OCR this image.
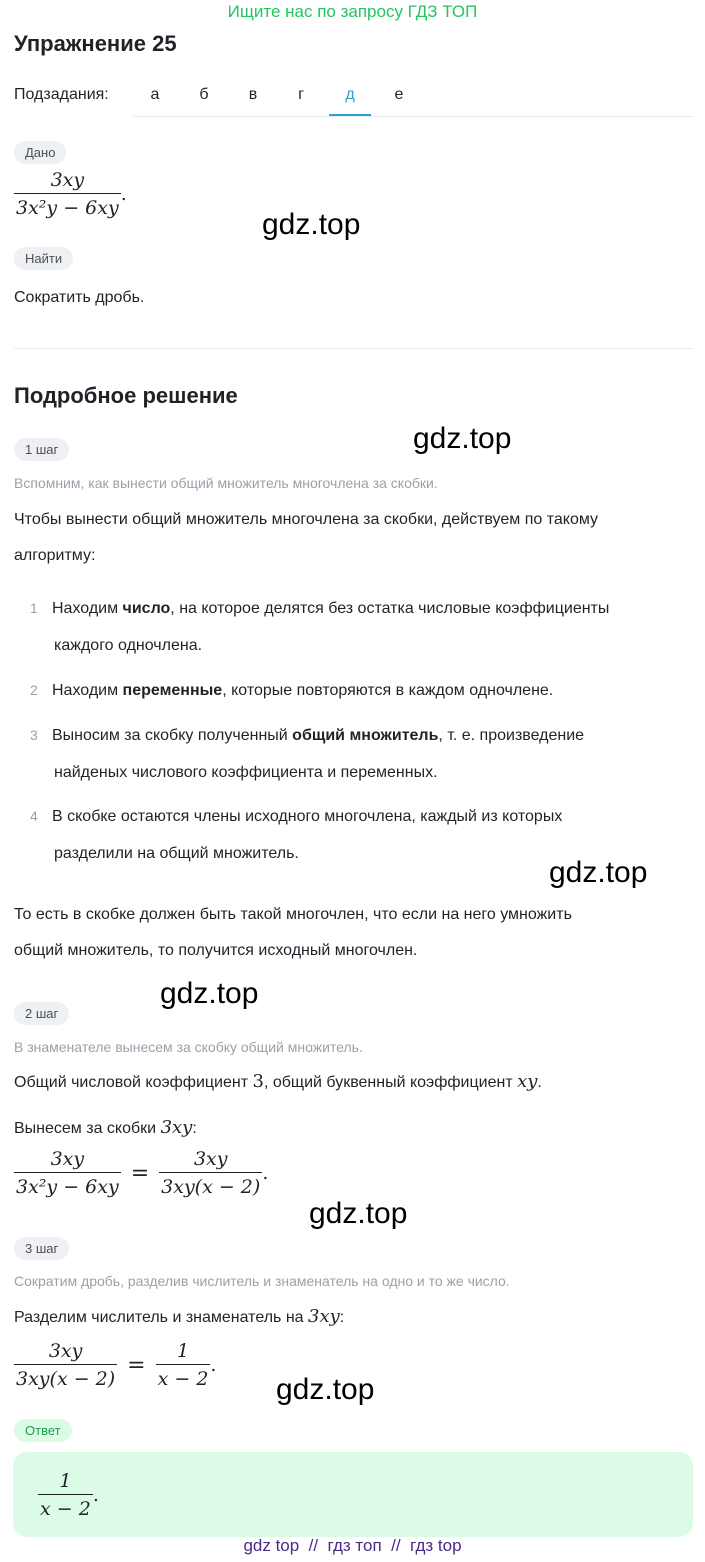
Ищите нас по запросу ГДЗ ТОП
Упражнение 25
Подзадания:	а	б	в	г	д	е
Дано
$\frac{3xy}{\text{3x²y − 6xy}}$ .
gdz.top
Найти
Сократить дробь.
Подробное решение
gdz.top
1 шаг
Вспомним, как вынести общий множитель многочлена за скобки.
Чтобы вынести общий множитель многочлена за скобки, действуем по такому
алгоритму:
1 Находим число, на которое делятся без остатка числовые коэффициенты
каждого одночлена.
2 Находим переменные, которые повторяются в каждом одночлене.
3 Выносим за скобку полученный общий множитель, т. е. произведение
найденых числового коэффициента и переменных.
4 В скобке остаются члены исходного многочлена, каждый из которых
разделили на общий множитель.
gdz.top
То есть в скобке должен быть такой многочлен, что если на него умножить
общий множитель, то получится исходный многочлен.
2 шаг
gdz.top
В знаменателе вынесем за скобку общий множитель.
Общий числовой коэффициент 3, общий буквенный коэффициент xy.
Вынесем за скобки 3xy:
$\frac{3xy}{\text{3x²y − 6xy}} = \frac{3xy}{3xy(x - 2)}$ .
gdz.top
3 шаг
Сократим дробь, разделив числитель и знаменатель на одно и то же число.
Разделим числитель и знаменатель на 3xy:
$\frac{3xy}{3xy(x - 2)} = \frac{1}{x - 2}$ .
gdz.top
Ответ
$\frac{1}{x - 2}$ .
gdz top  //  гдз топ  //  гдз top
